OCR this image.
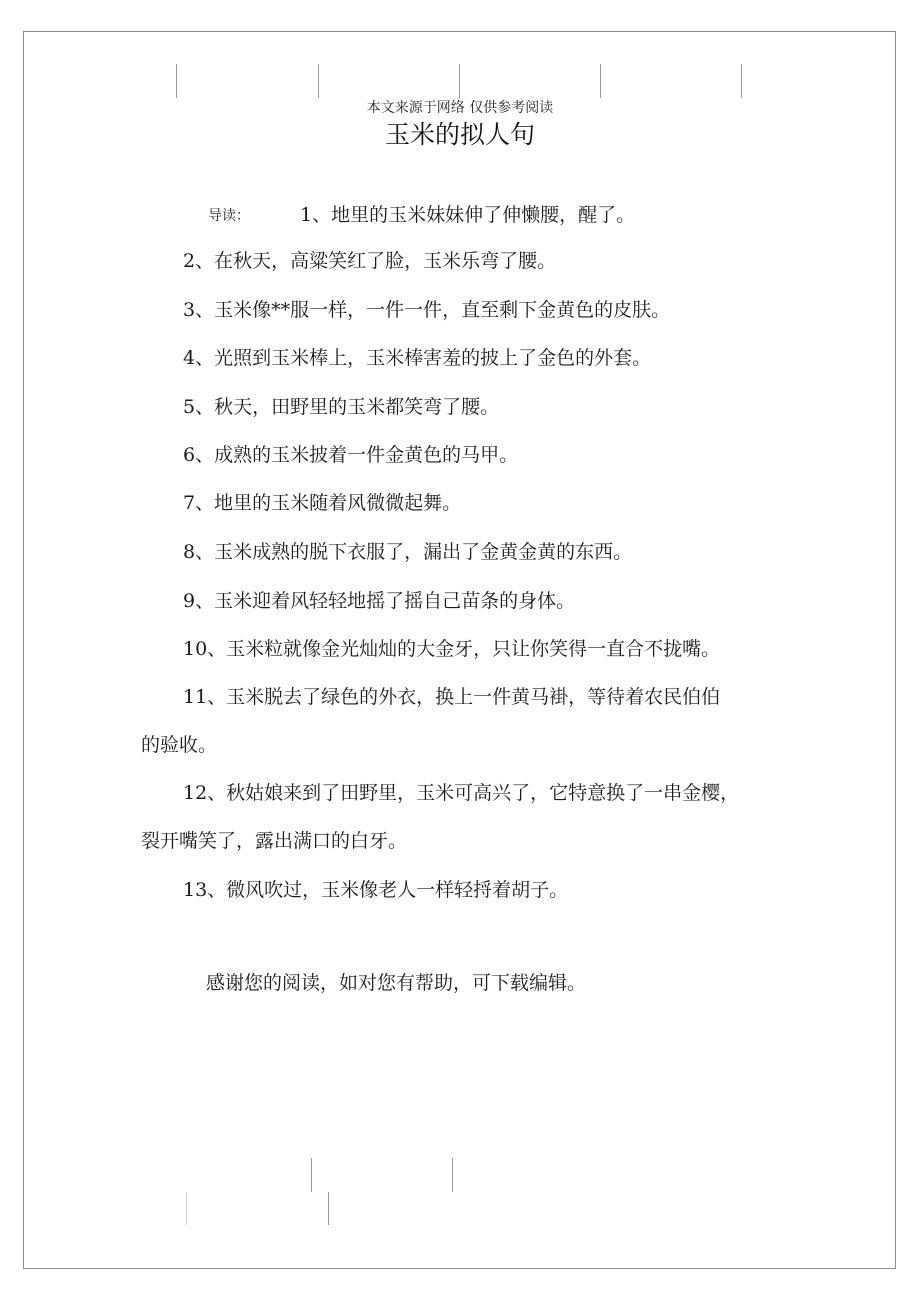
本文来源于网络 仅供参考阅读
玉米的拟人句
导读：	1、地里的玉米妹妹伸了伸懒腰，醒了。
2、在秋天，高粱笑红了脸，玉米乐弯了腰。
3、玉米像**服一样，一件一件，直至剩下金黄色的皮肤。
4、光照到玉米棒上，玉米棒害羞的披上了金色的外套。
5、秋天，田野里的玉米都笑弯了腰。
6、成熟的玉米披着一件金黄色的马甲。
7、地里的玉米随着风微微起舞。
8、玉米成熟的脱下衣服了，漏出了金黄金黄的东西。
9、玉米迎着风轻轻地摇了摇自己苗条的身体。
10、玉米粒就像金光灿灿的大金牙，只让你笑得一直合不拢嘴。
11、玉米脱去了绿色的外衣，换上一件黄马褂，等待着农民伯伯
的验收。
12、秋姑娘来到了田野里，玉米可高兴了，它特意换了一串金樱，
裂开嘴笑了，露出满口的白牙。
13、微风吹过，玉米像老人一样轻捋着胡子。
感谢您的阅读，如对您有帮助，可下载编辑。
